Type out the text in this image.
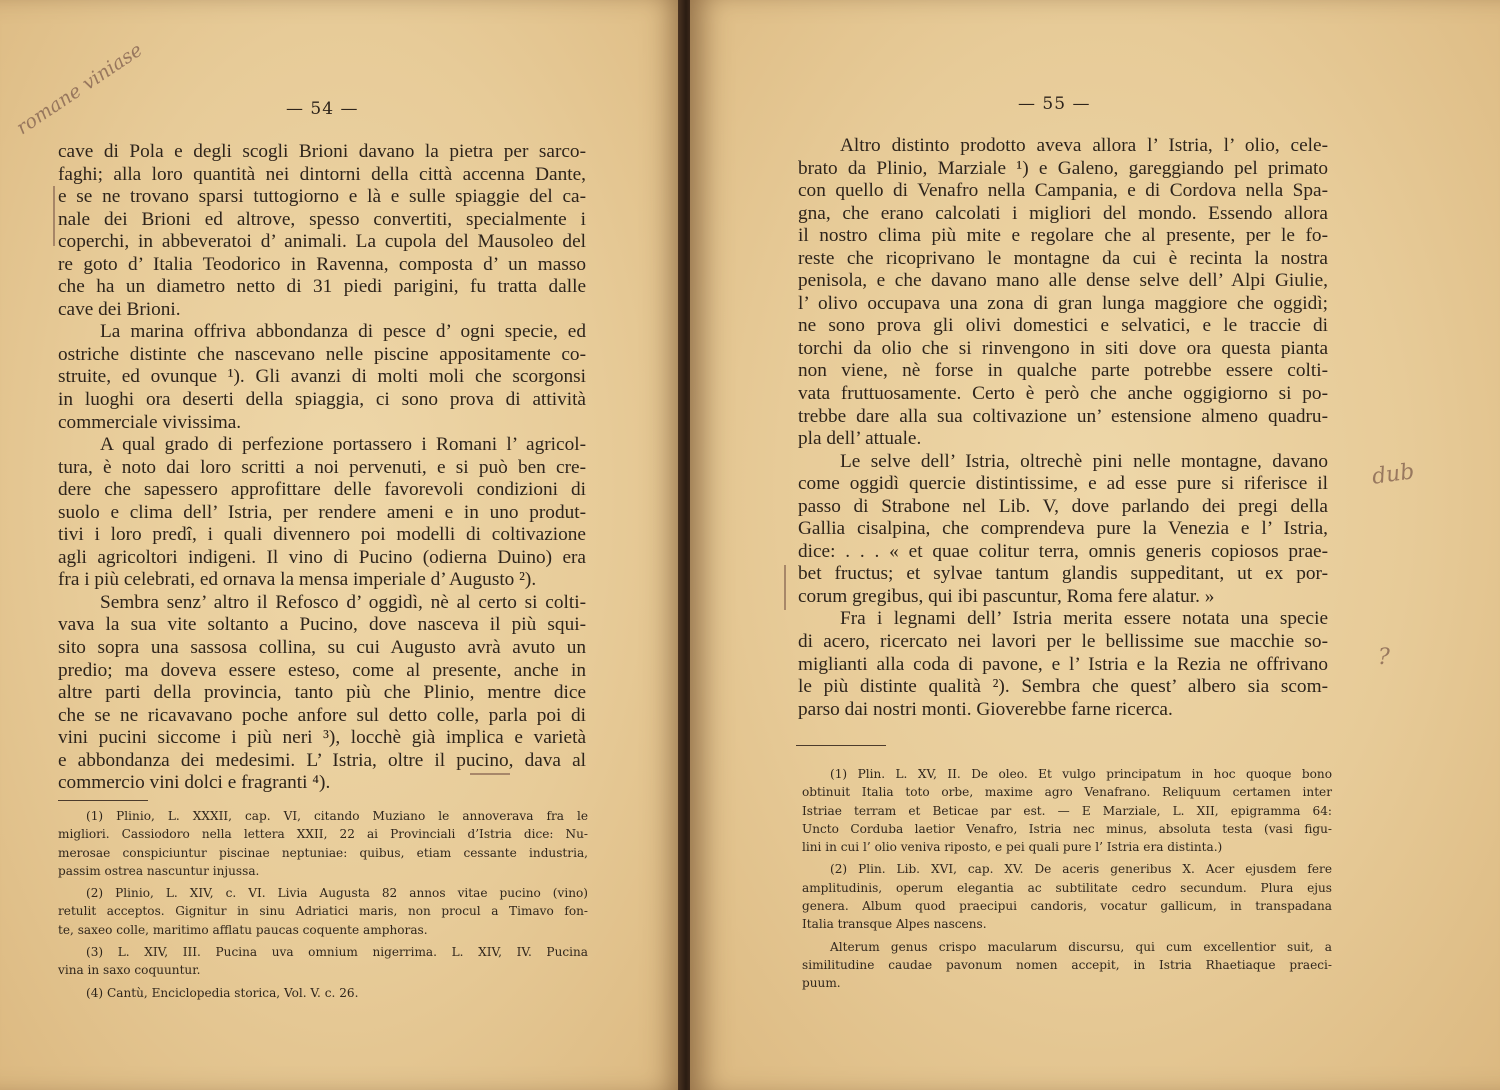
— 54 —
cave di Pola e degli scogli Brioni davano la pietra per sarco-
faghi; alla loro quantità nei dintorni della città accenna Dante,
e se ne trovano sparsi tuttogiorno e là e sulle spiaggie del ca-
nale dei Brioni ed altrove, spesso convertiti, specialmente i
coperchi, in abbeveratoi d’ animali. La cupola del Mausoleo del
re goto d’ Italia Teodorico in Ravenna, composta d’ un masso
che ha un diametro netto di 31 piedi parigini, fu tratta dalle
cave dei Brioni.
La marina offriva abbondanza di pesce d’ ogni specie, ed
ostriche distinte che nascevano nelle piscine appositamente co-
struite, ed ovunque ¹). Gli avanzi di molti moli che scorgonsi
in luoghi ora deserti della spiaggia, ci sono prova di attività
commerciale vivissima.
A qual grado di perfezione portassero i Romani l’ agricol-
tura, è noto dai loro scritti a noi pervenuti, e si può ben cre-
dere che sapessero approfittare delle favorevoli condizioni di
suolo e clima dell’ Istria, per rendere ameni e in uno produt-
tivi i loro predî, i quali divennero poi modelli di coltivazione
agli agricoltori indigeni. Il vino di Pucino (odierna Duino) era
fra i più celebrati, ed ornava la mensa imperiale d’ Augusto ²).
Sembra senz’ altro il Refosco d’ oggidì, nè al certo si colti-
vava la sua vite soltanto a Pucino, dove nasceva il più squi-
sito sopra una sassosa collina, su cui Augusto avrà avuto un
predio; ma doveva essere esteso, come al presente, anche in
altre parti della provincia, tanto più che Plinio, mentre dice
che se ne ricavavano poche anfore sul detto colle, parla poi di
vini pucini siccome i più neri ³), locchè già implica e varietà
e abbondanza dei medesimi. L’ Istria, oltre il pucino, dava al
commercio vini dolci e fragranti ⁴).
— 55 —
Altro distinto prodotto aveva allora l’ Istria, l’ olio, cele-
brato da Plinio, Marziale ¹) e Galeno, gareggiando pel primato
con quello di Venafro nella Campania, e di Cordova nella Spa-
gna, che erano calcolati i migliori del mondo. Essendo allora
il nostro clima più mite e regolare che al presente, per le fo-
reste che ricoprivano le montagne da cui è recinta la nostra
penisola, e che davano mano alle dense selve dell’ Alpi Giulie,
l’ olivo occupava una zona di gran lunga maggiore che oggidì;
ne sono prova gli olivi domestici e selvatici, e le traccie di
torchi da olio che si rinvengono in siti dove ora questa pianta
non viene, nè forse in qualche parte potrebbe essere colti-
vata fruttuosamente. Certo è però che anche oggigiorno si po-
trebbe dare alla sua coltivazione un’ estensione almeno quadru-
pla dell’ attuale.
Le selve dell’ Istria, oltrechè pini nelle montagne, davano
come oggidì quercie distintissime, e ad esse pure si riferisce il
passo di Strabone nel Lib. V, dove parlando dei pregi della
Gallia cisalpina, che comprendeva pure la Venezia e l’ Istria,
dice: . . . « et quae colitur terra, omnis generis copiosos prae-
bet fructus; et sylvae tantum glandis suppeditant, ut ex por-
corum gregibus, qui ibi pascuntur, Roma fere alatur. »
Fra i legnami dell’ Istria merita essere notata una specie
di acero, ricercato nei lavori per le bellissime sue macchie so-
miglianti alla coda di pavone, e l’ Istria e la Rezia ne offrivano
le più distinte qualità ²). Sembra che quest’ albero sia scom-
parso dai nostri monti. Gioverebbe farne ricerca.
(1) Plinio, L. XXXII, cap. VI, citando Muziano le annoverava fra le
migliori. Cassiodoro nella lettera XXII, 22 ai Provinciali d’Istria dice: Nu-
merosae conspiciuntur piscinae neptuniae: quibus, etiam cessante industria,
passim ostrea nascuntur injussa.
(2) Plinio, L. XIV, c. VI. Livia Augusta 82 annos vitae pucino (vino)
retulit acceptos. Gignitur in sinu Adriatici maris, non procul a Timavo fon-
te, saxeo colle, maritimo afflatu paucas coquente amphoras.
(3) L. XIV, III. Pucina uva omnium nigerrima. L. XIV, IV. Pucina
vina in saxo coquuntur.
(4) Cantù, Enciclopedia storica, Vol. V. c. 26.
(1) Plin. L. XV, II. De oleo. Et vulgo principatum in hoc quoque bono
obtinuit Italia toto orbe, maxime agro Venafrano. Reliquum certamen inter
Istriae terram et Beticae par est. — E Marziale, L. XII, epigramma 64:
Uncto Corduba laetior Venafro, Istria nec minus, absoluta testa (vasi figu-
lini in cui l’ olio veniva riposto, e pei quali pure l’ Istria era distinta.)
(2) Plin. Lib. XVI, cap. XV. De aceris generibus X. Acer ejusdem fere
amplitudinis, operum elegantia ac subtilitate cedro secundum. Plura ejus
genera. Album quod praecipui candoris, vocatur gallicum, in transpadana
Italia transque Alpes nascens.
Alterum genus crispo macularum discursu, qui cum excellentior suit, a
similitudine caudae pavonum nomen accepit, in Istria Rhaetiaque praeci-
puum.
romane viniase
dub
?
